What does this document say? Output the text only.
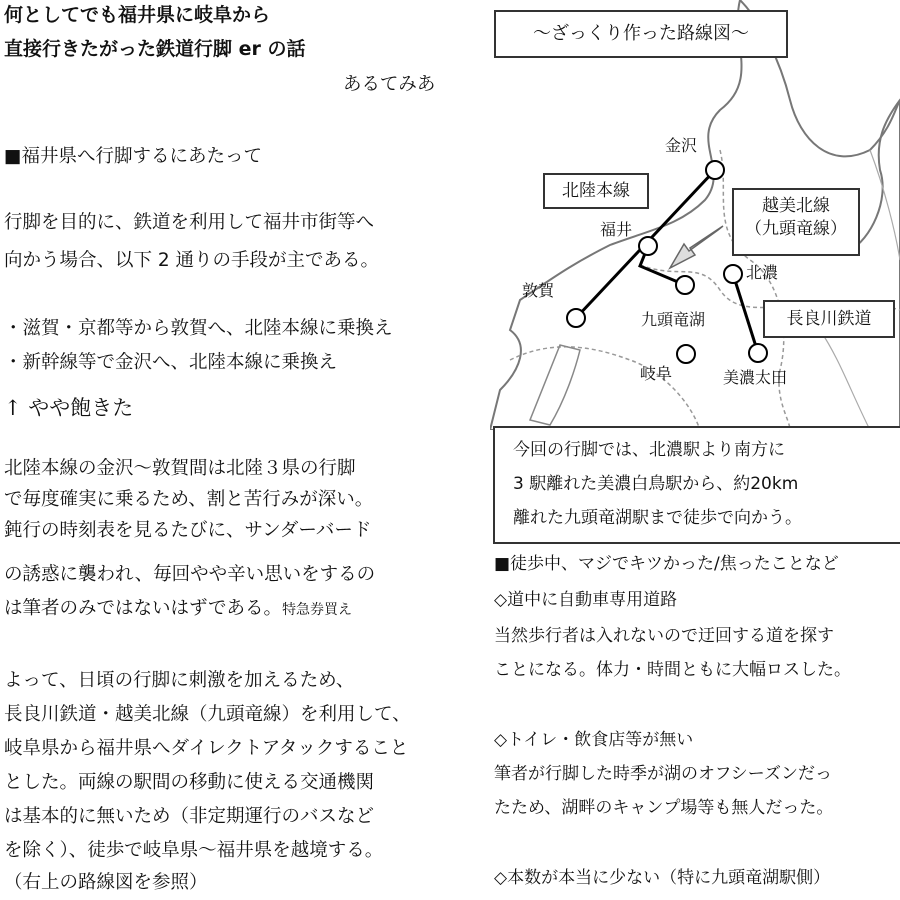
何としてでも福井県に岐阜から
直接行きたがった鉄道行脚 er の話
あるてみあ
■福井県へ行脚するにあたって
行脚を目的に、鉄道を利用して福井市街等へ
向かう場合、以下 2 通りの手段が主である。
・滋賀・京都等から敦賀へ、北陸本線に乗換え
・新幹線等で金沢へ、北陸本線に乗換え
↑ やや飽きた
北陸本線の金沢～敦賀間は北陸３県の行脚
で毎度確実に乗るため、割と苦行みが深い。
鈍行の時刻表を見るたびに、サンダーバード
の誘惑に襲われ、毎回やや辛い思いをするの
は筆者のみではないはずである。特急券買え
よって、日頃の行脚に刺激を加えるため、
長良川鉄道・越美北線（九頭竜線）を利用して、
岐阜県から福井県へダイレクトアタックすること
とした。両線の駅間の移動に使える交通機関
は基本的に無いため（非定期運行のバスなど
を除く）、徒歩で岐阜県～福井県を越境する。
（右上の路線図を参照）
～ざっくり作った路線図～
北陸本線
越美北線
（九頭竜線）
長良川鉄道
金沢
福井
敦賀
九頭竜湖
北濃
岐阜	美濃太田
今回の行脚では、北濃駅より南方に
3 駅離れた美濃白鳥駅から、約20km
離れた九頭竜湖駅まで徒歩で向かう。
■徒歩中、マジでキツかった/焦ったことなど
◇道中に自動車専用道路
当然歩行者は入れないので迂回する道を探す
ことになる。体力・時間ともに大幅ロスした。
◇トイレ・飲食店等が無い
筆者が行脚した時季が湖のオフシーズンだっ
たため、湖畔のキャンプ場等も無人だった。
◇本数が本当に少ない（特に九頭竜湖駅側）
